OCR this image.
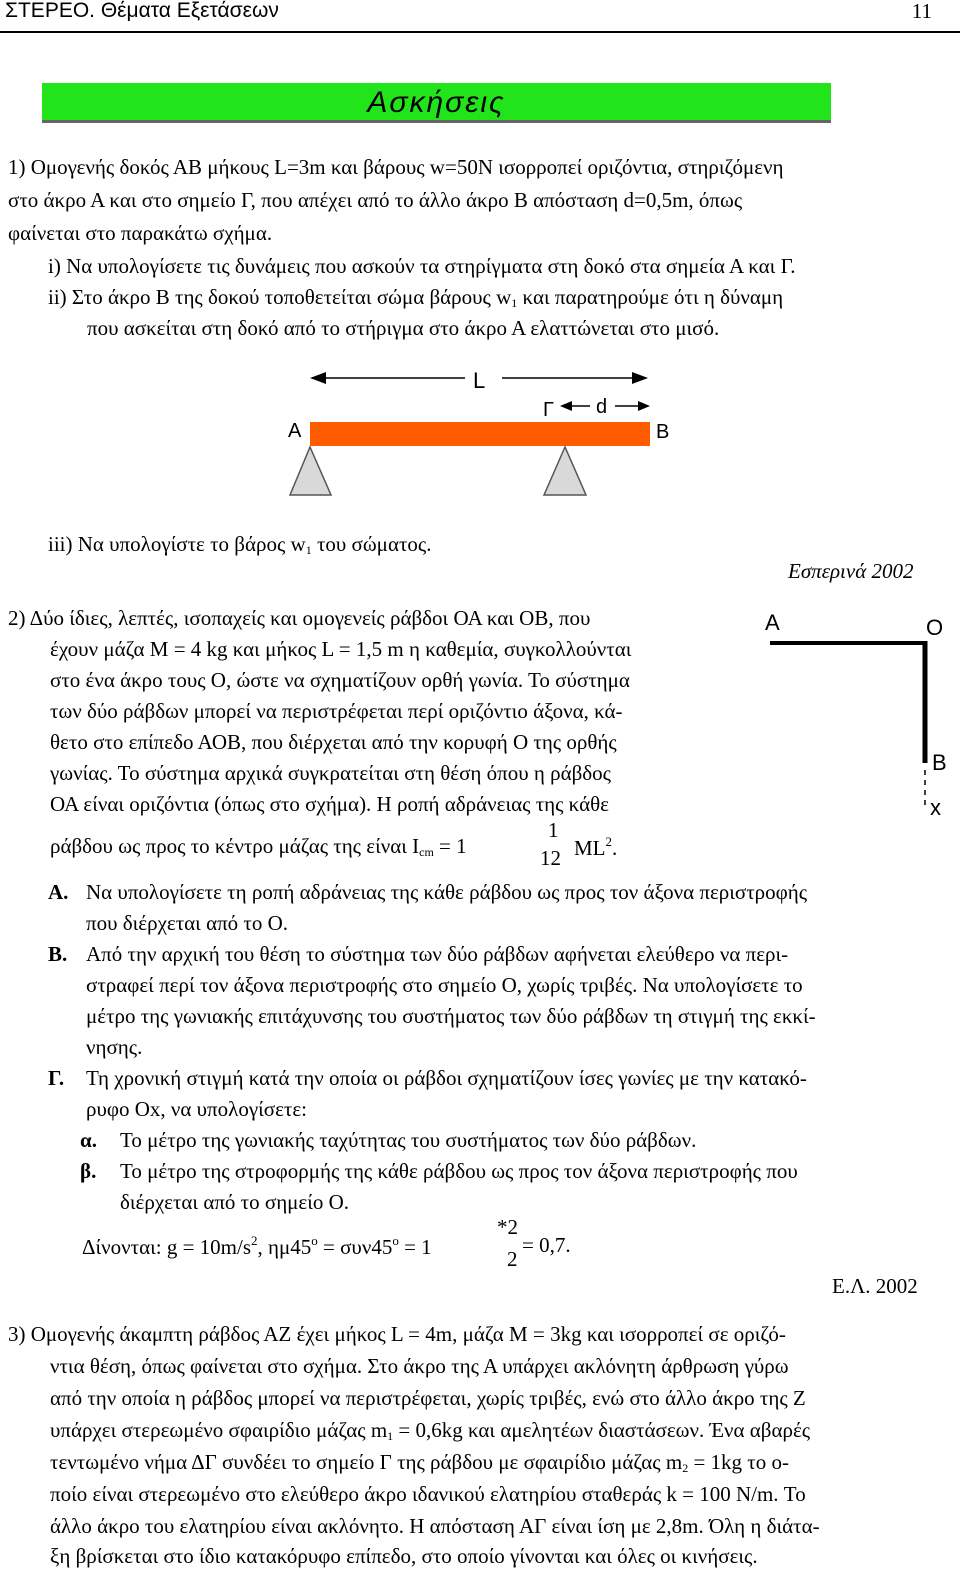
ΣΤΕΡΕΟ. Θέματα Εξετάσεων	11
Ασκήσεις
1) Ομογενής δοκός ΑΒ μήκους L=3m και βάρους w=50N ισορροπεί οριζόντια, στηριζόμενη
στο άκρο Α και στο σημείο Γ, που απέχει από το άλλο άκρο Β απόσταση d=0,5m, όπως
φαίνεται στο παρακάτω σχήμα.
i) Να υπολογίσετε τις δυνάμεις που ασκούν τα στηρίγματα στη δοκό στα σημεία Α και Γ.
ii) Στο άκρο Β της δοκού τοποθετείται σώμα βάρους $w_1$ και παρατηρούμε ότι η δύναμη
που ασκείται στη δοκό από το στήριγμα στο άκρο Α ελαττώνεται στο μισό.
L
Γ d
A	B
iii) Να υπολογίστε το βάρος $w_1$ του σώματος.
Εσπερινά 2002
2) Δύο ίδιες, λεπτές, ισοπαχείς και ομογενείς ράβδοι ΟΑ και ΟΒ, που
έχουν μάζα M = 4 kg και μήκος L = 1,5 m η καθεμία, συγκολλούνται
στο ένα άκρο τους Ο, ώστε να σχηματίζουν ορθή γωνία. Το σύστημα
των δύο ράβδων μπορεί να περιστρέφεται περί οριζόντιο άξονα, κά-
θετο στο επίπεδο ΑΟΒ, που διέρχεται από την κορυφή Ο της ορθής
γωνίας. Το σύστημα αρχικά συγκρατείται στη θέση όπου η ράβδος
ΟΑ είναι οριζόντια (όπως στο σχήμα). Η ροπή αδράνειας της κάθε
ράβδου ως προς το κέντρο μάζας της είναι $I_{cm} = 1$
1
12 $ML^2$.
A	O
B
x
Α. Να υπολογίσετε τη ροπή αδράνειας της κάθε ράβδου ως προς τον άξονα περιστροφής
που διέρχεται από το Ο.
Β. Από την αρχική του θέση το σύστημα των δύο ράβδων αφήνεται ελεύθερο να περι-
στραφεί περί τον άξονα περιστροφής στο σημείο Ο, χωρίς τριβές. Να υπολογίσετε το
μέτρο της γωνιακής επιτάχυνσης του συστήματος των δύο ράβδων τη στιγμή της εκκί-
νησης.
Γ. Τη χρονική στιγμή κατά την οποία οι ράβδοι σχηματίζουν ίσες γωνίες με την κατακό-
ρυφο Οx, να υπολογίσετε:
α. Το μέτρο της γωνιακής ταχύτητας του συστήματος των δύο ράβδων.
β. Το μέτρο της στροφορμής της κάθε ράβδου ως προς τον άξονα περιστροφής που
διέρχεται από το σημείο Ο.
Δίνονται: $g = 10m/s^2$, $\eta\mu 45^o = \sigma\upsilon\nu 45^o = 1$
*2
2
= 0,7.
Ε.Λ. 2002
3) Ομογενής άκαμπτη ράβδος ΑΖ έχει μήκος L = 4m, μάζα M = 3kg και ισορροπεί σε οριζό-
ντια θέση, όπως φαίνεται στο σχήμα. Στο άκρο της Α υπάρχει ακλόνητη άρθρωση γύρω
από την οποία η ράβδος μπορεί να περιστρέφεται, χωρίς τριβές, ενώ στο άλλο άκρο της Ζ
υπάρχει στερεωμένο σφαιρίδιο μάζας $m_1 = 0,6kg$ και αμελητέων διαστάσεων. Ένα αβαρές
τεντωμένο νήμα ΔΓ συνδέει το σημείο Γ της ράβδου με σφαιρίδιο μάζας $m_2 = 1kg$ το ο-
ποίο είναι στερεωμένο στο ελεύθερο άκρο ιδανικού ελατηρίου σταθεράς k = 100 N/m. Το
άλλο άκρο του ελατηρίου είναι ακλόνητο. Η απόσταση ΑΓ είναι ίση με 2,8m. Όλη η διάτα-
ξη βρίσκεται στο ίδιο κατακόρυφο επίπεδο, στο οποίο γίνονται και όλες οι κινήσεις.
